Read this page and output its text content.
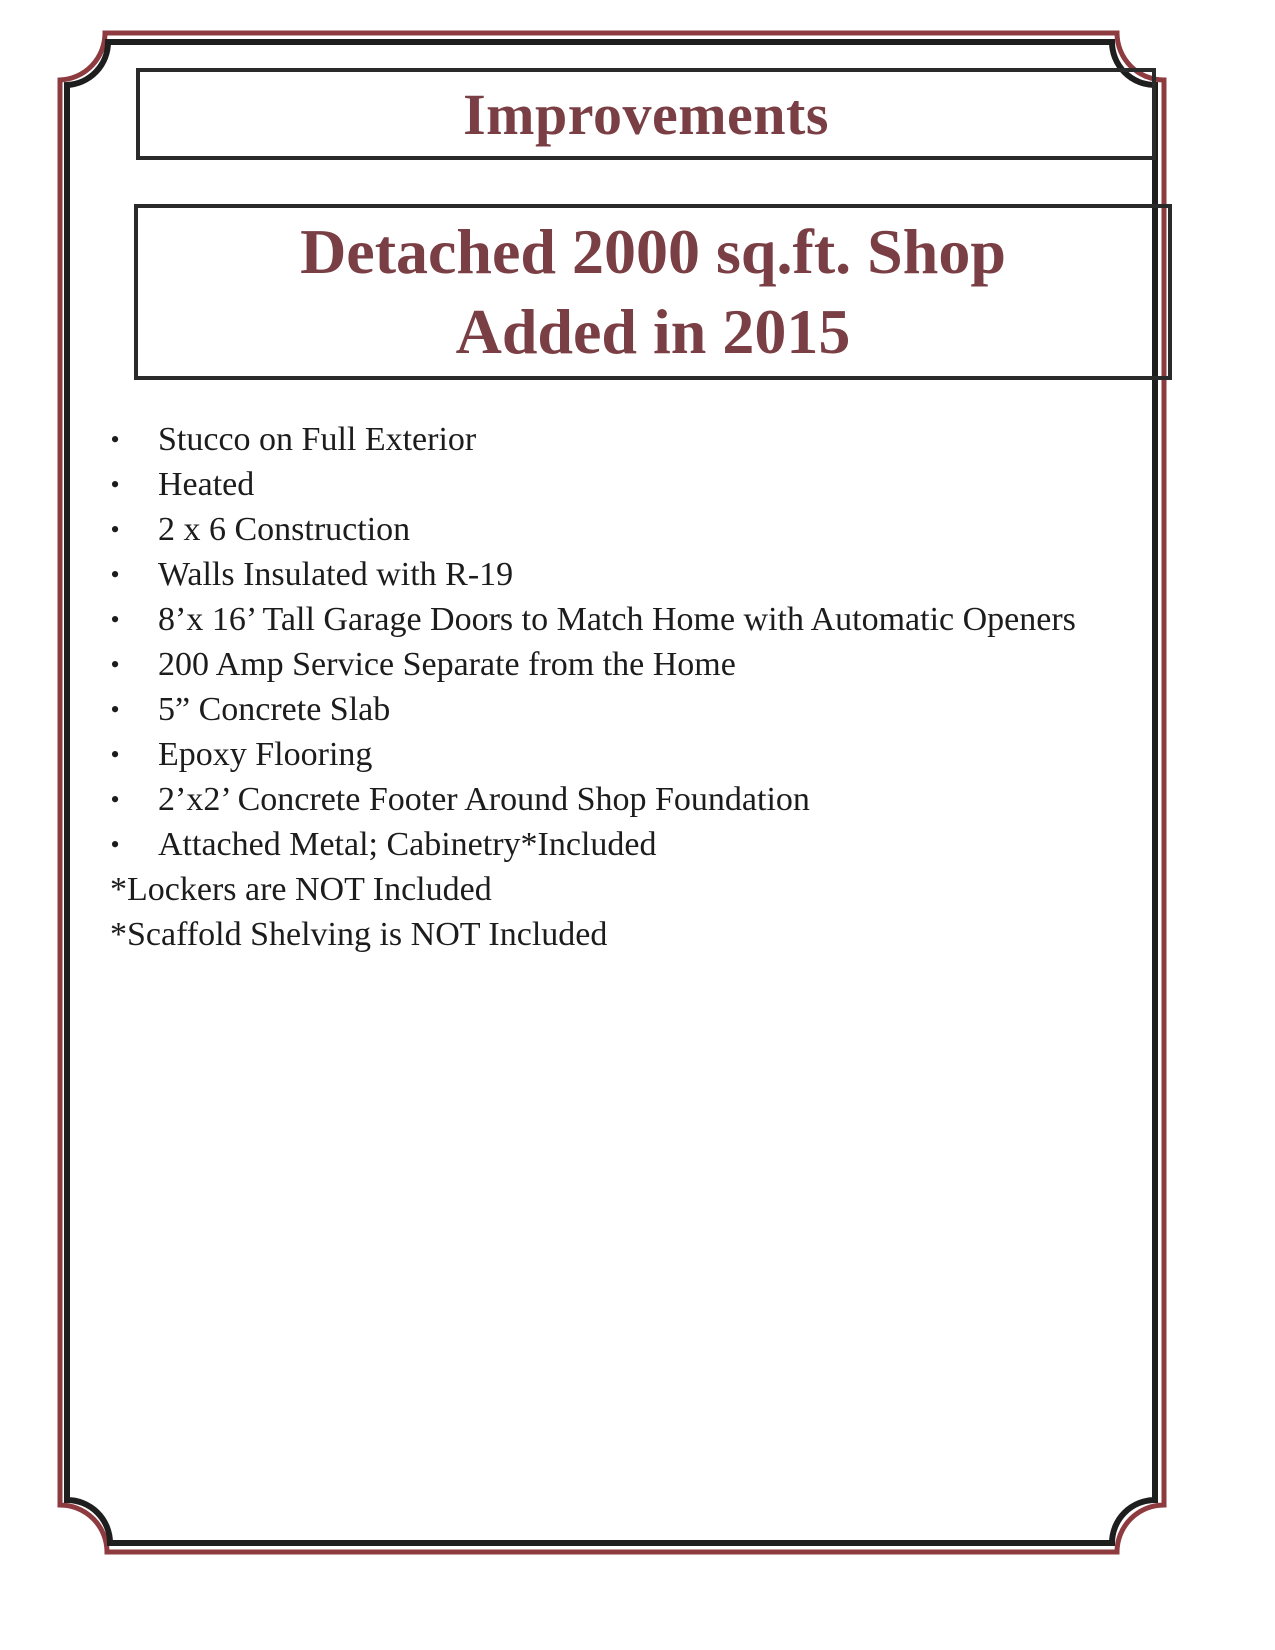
Improvements
Detached 2000 sq.ft. Shop
Added in 2015
• Stucco on Full Exterior
• Heated
• 2 x 6 Construction
• Walls Insulated with R-19
• 8’x 16’ Tall Garage Doors to Match Home with Automatic Openers
• 200 Amp Service Separate from the Home
• 5” Concrete Slab
• Epoxy Flooring
• 2’x2’ Concrete Footer Around Shop Foundation
• Attached Metal; Cabinetry*Included
*Lockers are NOT Included
*Scaffold Shelving is NOT Included
